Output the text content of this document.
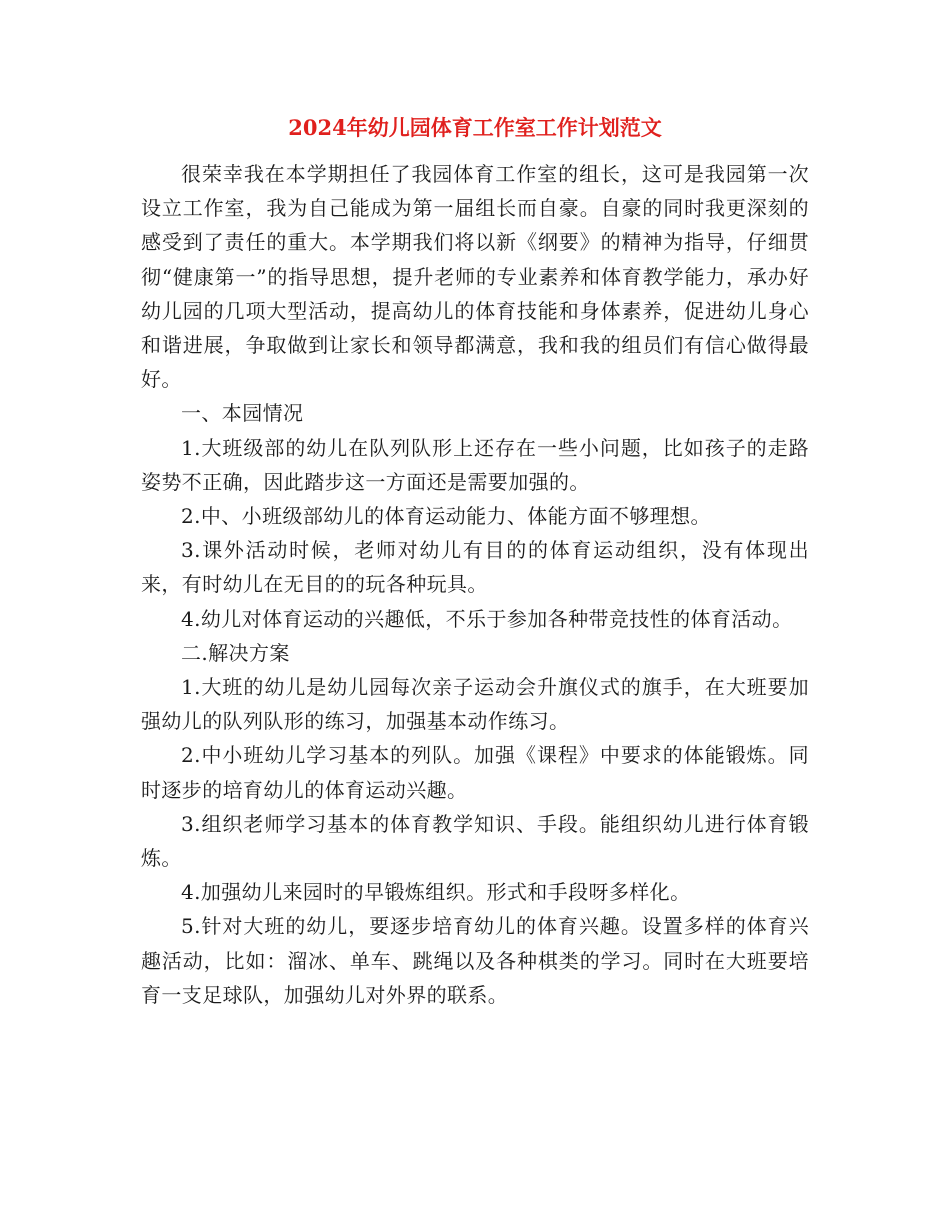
2024年幼儿园体育工作室工作计划范文

很荣幸我在本学期担任了我园体育工作室的组长，这可是我园第一次设立工作室，我为自己能成为第一届组长而自豪。自豪的同时我更深刻的感受到了责任的重大。本学期我们将以新《纲要》的精神为指导，仔细贯彻“健康第一”的指导思想，提升老师的专业素养和体育教学能力，承办好幼儿园的几项大型活动，提高幼儿的体育技能和身体素养，促进幼儿身心和谐进展，争取做到让家长和领导都满意，我和我的组员们有信心做得最好。

一、本园情况

1.大班级部的幼儿在队列队形上还存在一些小问题，比如孩子的走路姿势不正确，因此踏步这一方面还是需要加强的。

2.中、小班级部幼儿的体育运动能力、体能方面不够理想。

3.课外活动时候，老师对幼儿有目的的体育运动组织，没有体现出来，有时幼儿在无目的的玩各种玩具。

4.幼儿对体育运动的兴趣低，不乐于参加各种带竞技性的体育活动。

二.解决方案

1.大班的幼儿是幼儿园每次亲子运动会升旗仪式的旗手，在大班要加强幼儿的队列队形的练习，加强基本动作练习。

2.中小班幼儿学习基本的列队。加强《课程》中要求的体能锻炼。同时逐步的培育幼儿的体育运动兴趣。

3.组织老师学习基本的体育教学知识、手段。能组织幼儿进行体育锻炼。

4.加强幼儿来园时的早锻炼组织。形式和手段呀多样化。

5.针对大班的幼儿，要逐步培育幼儿的体育兴趣。设置多样的体育兴趣活动，比如：溜冰、单车、跳绳以及各种棋类的学习。同时在大班要培育一支足球队，加强幼儿对外界的联系。
